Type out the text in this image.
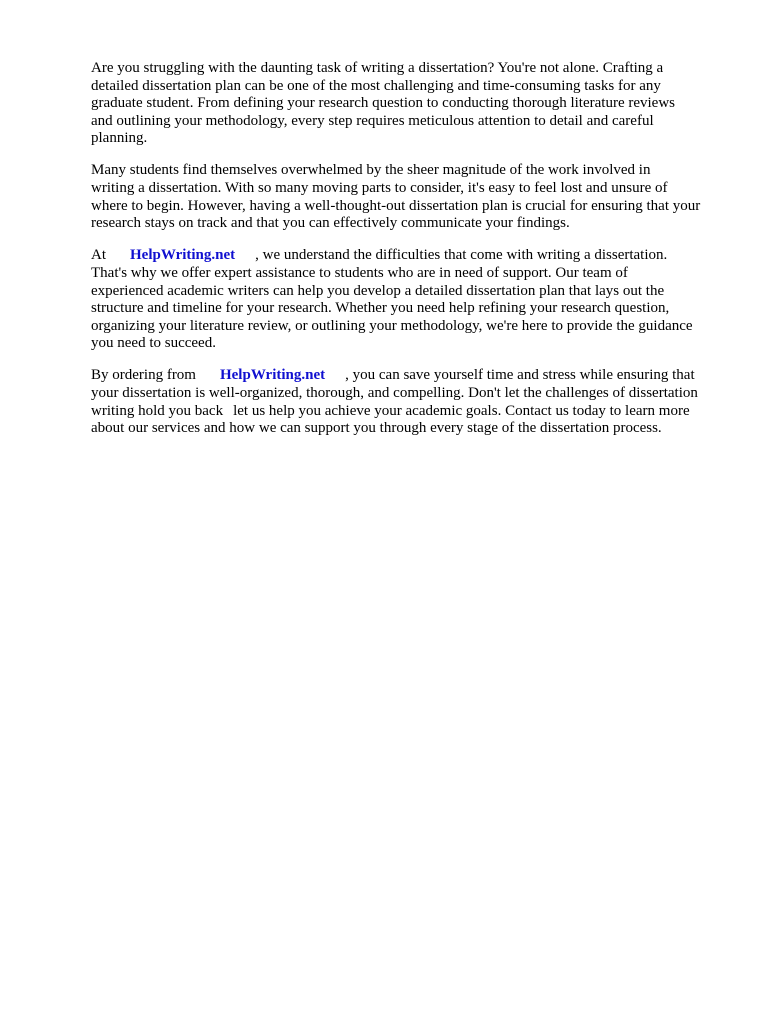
Are you struggling with the daunting task of writing a dissertation? You're not alone. Crafting a
detailed dissertation plan can be one of the most challenging and time-consuming tasks for any
graduate student. From defining your research question to conducting thorough literature reviews
and outlining your methodology, every step requires meticulous attention to detail and careful
planning.

Many students find themselves overwhelmed by the sheer magnitude of the work involved in
writing a dissertation. With so many moving parts to consider, it's easy to feel lost and unsure of
where to begin. However, having a well-thought-out dissertation plan is crucial for ensuring that your
research stays on track and that you can effectively communicate your findings.

At HelpWriting.net , we understand the difficulties that come with writing a dissertation.
That's why we offer expert assistance to students who are in need of support. Our team of
experienced academic writers can help you develop a detailed dissertation plan that lays out the
structure and timeline for your research. Whether you need help refining your research question,
organizing your literature review, or outlining your methodology, we're here to provide the guidance
you need to succeed.

By ordering from HelpWriting.net , you can save yourself time and stress while ensuring that
your dissertation is well-organized, thorough, and compelling. Don't let the challenges of dissertation
writing hold you back let us help you achieve your academic goals. Contact us today to learn more
about our services and how we can support you through every stage of the dissertation process.
